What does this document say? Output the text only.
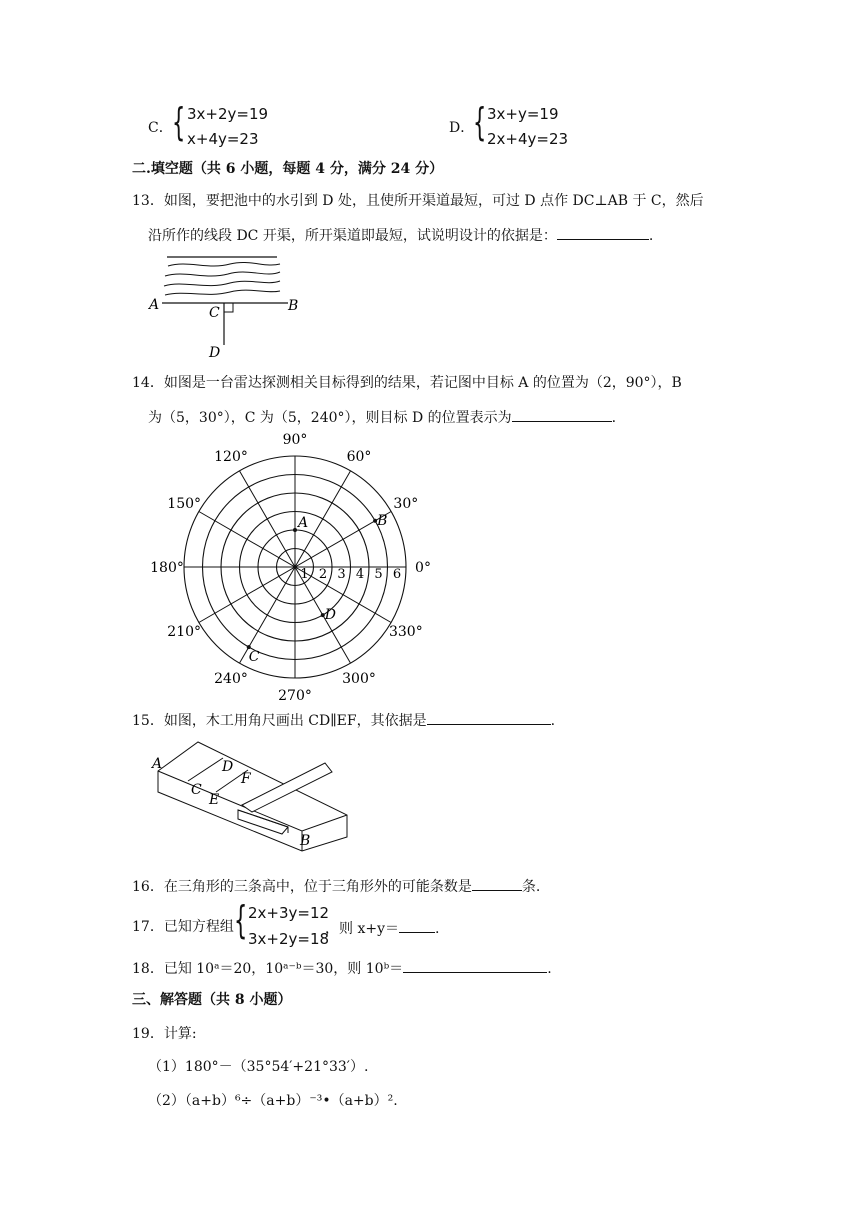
C． { 3x+2y=19
x+4y=23
D．
{ 3x+y=19
2x+4y=23
二.填空题（共 6 小题，每题 4 分，满分 24 分）
13．如图，要把池中的水引到 D 处，且使所开渠道最短，可过 D 点作 DC⊥AB 于 C，然后
沿所作的线段 DC 开渠，所开渠道即最短，试说明设计的依据是：	.
A	B
C
D
14．如图是一台雷达探测相关目标得到的结果，若记图中目标 A 的位置为（2，90°），B
为（5，30°），C 为（5，240°），则目标 D 的位置表示为	.
0°
30°
60°
90°
120°
150°
180°
210°
240°
270°
300°
330°
1 2 3 4 5 6
A	B
C
D
15．如图，木工用角尺画出 CD∥EF，其依据是	.
A	D
F
C
E
B
16．在三角形的三条高中，位于三角形外的可能条数是	条.
17．已知方程组 { 2x+3y=12
3x+2y=18
，则 x+y＝	.
18．已知 10ᵃ＝20，10ᵃ⁻ᵇ＝30，则 10ᵇ＝	.
三、解答题（共 8 小题）
19．计算:
（1）180°－（35°54′+21°33′）.
（2）（a+b）⁶÷（a+b）⁻³•（a+b）².
